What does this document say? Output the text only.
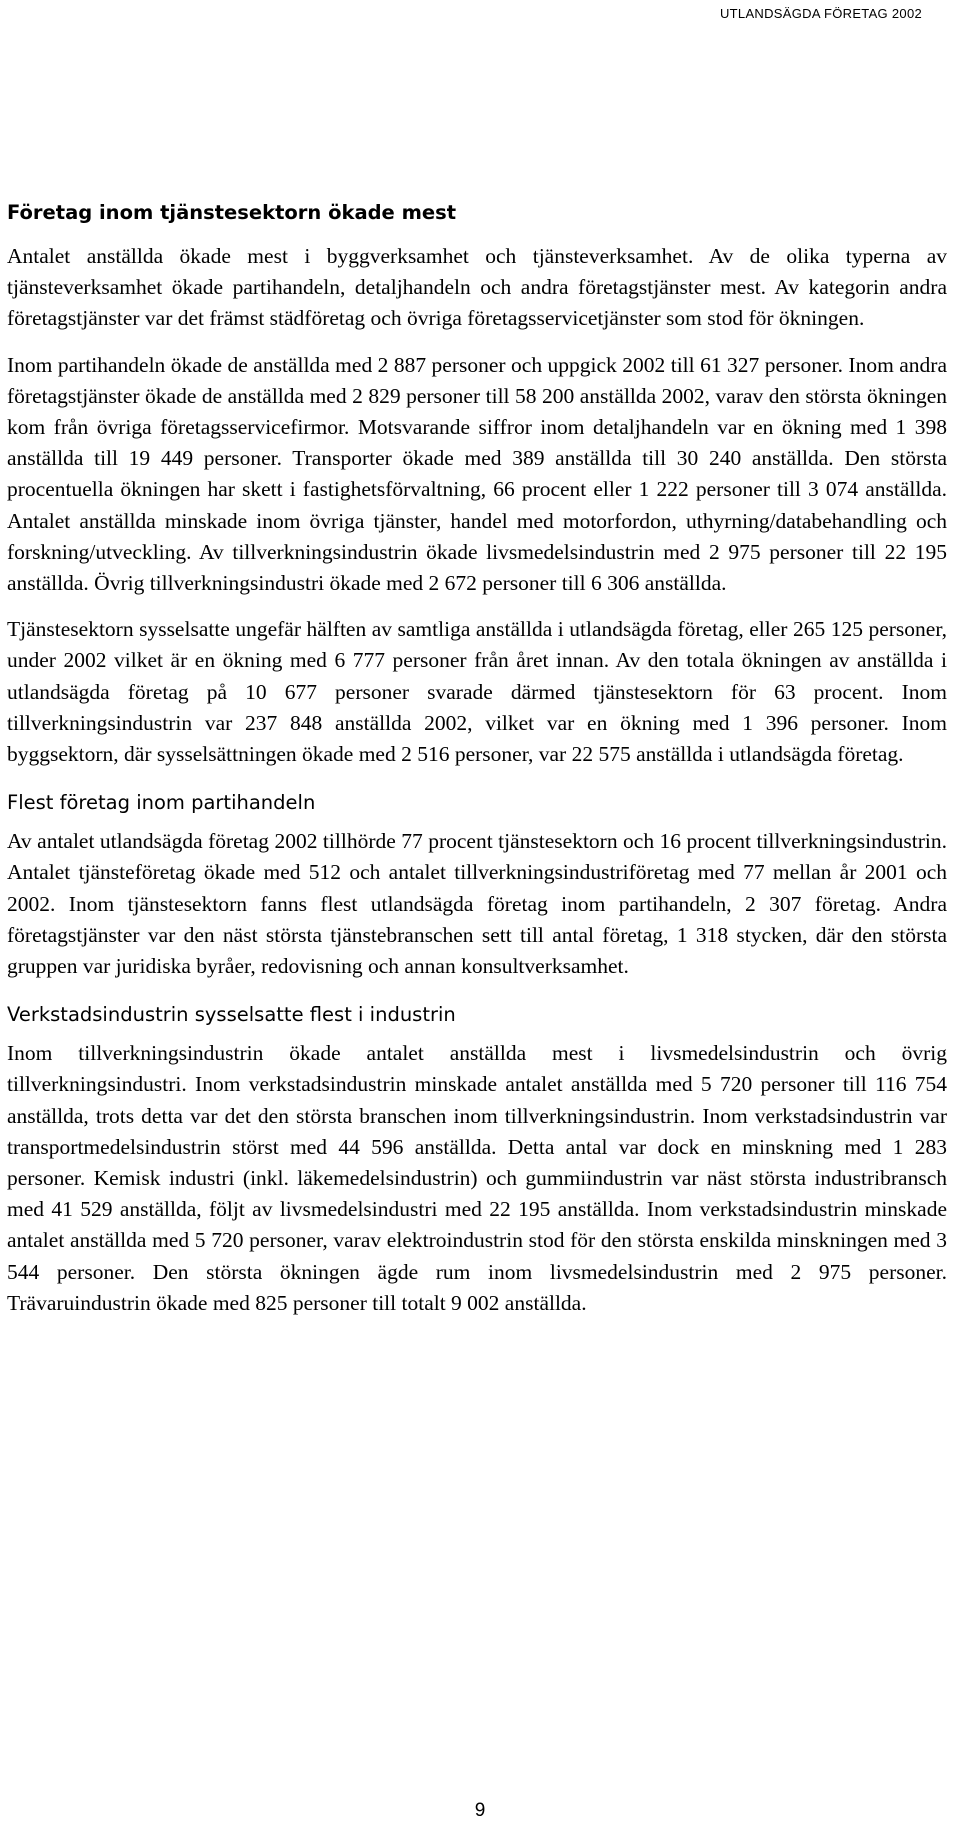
UTLANDSÄGDA FÖRETAG 2002
Företag inom tjänstesektorn ökade mest

Antalet anställda ökade mest i byggverksamhet och tjänsteverksamhet. Av de olika typerna av tjänsteverksamhet ökade partihandeln, detaljhandeln och andra företagstjänster mest. Av kategorin andra företagstjänster var det främst städföretag och övriga företagsservicetjänster som stod för ökningen.

Inom partihandeln ökade de anställda med 2 887 personer och uppgick 2002 till 61 327 personer. Inom andra företagstjänster ökade de anställda med 2 829 personer till 58 200 anställda 2002, varav den största ökningen kom från övriga företagsservicefirmor. Motsvarande siffror inom detaljhandeln var en ökning med 1 398 anställda till 19 449 personer. Transporter ökade med 389 anställda till 30 240 anställda. Den största procentuella ökningen har skett i fastighetsförvaltning, 66 procent eller 1 222 personer till 3 074 anställda. Antalet anställda minskade inom övriga tjänster, handel med motorfordon, uthyrning/databehandling och forskning/utveckling. Av tillverkningsindustrin ökade livsmedelsindustrin med 2 975 personer till 22 195 anställda. Övrig tillverkningsindustri ökade med 2 672 personer till 6 306 anställda.

Tjänstesektorn sysselsatte ungefär hälften av samtliga anställda i utlandsägda företag, eller 265 125 personer, under 2002 vilket är en ökning med 6 777 personer från året innan. Av den totala ökningen av anställda i utlandsägda företag på 10 677 personer svarade därmed tjänstesektorn för 63 procent. Inom tillverkningsindustrin var 237 848 anställda 2002, vilket var en ökning med 1 396 personer. Inom byggsektorn, där sysselsättningen ökade med 2 516 personer, var 22 575 anställda i utlandsägda företag.

Flest företag inom partihandeln

Av antalet utlandsägda företag 2002 tillhörde 77 procent tjänstesektorn och 16 procent tillverkningsindustrin. Antalet tjänsteföretag ökade med 512 och antalet tillverkningsindustriföretag med 77 mellan år 2001 och 2002. Inom tjänstesektorn fanns flest utlandsägda företag inom partihandeln, 2 307 företag. Andra företagstjänster var den näst största tjänstebranschen sett till antal företag, 1 318 stycken, där den största gruppen var juridiska byråer, redovisning och annan konsultverksamhet.

Verkstadsindustrin sysselsatte flest i industrin

Inom tillverkningsindustrin ökade antalet anställda mest i livsmedelsindustrin och övrig tillverkningsindustri. Inom verkstadsindustrin minskade antalet anställda med 5 720 personer till 116 754 anställda, trots detta var det den största branschen inom tillverkningsindustrin. Inom verkstadsindustrin var transportmedelsindustrin störst med 44 596 anställda. Detta antal var dock en minskning med 1 283 personer. Kemisk industri (inkl. läkemedelsindustrin) och gummiindustrin var näst största industribransch med 41 529 anställda, följt av livsmedelsindustri med 22 195 anställda. Inom verkstadsindustrin minskade antalet anställda med 5 720 personer, varav elektroindustrin stod för den största enskilda minskningen med 3 544 personer. Den största ökningen ägde rum inom livsmedelsindustrin med 2 975 personer. Trävaruindustrin ökade med 825 personer till totalt 9 002 anställda.

9
